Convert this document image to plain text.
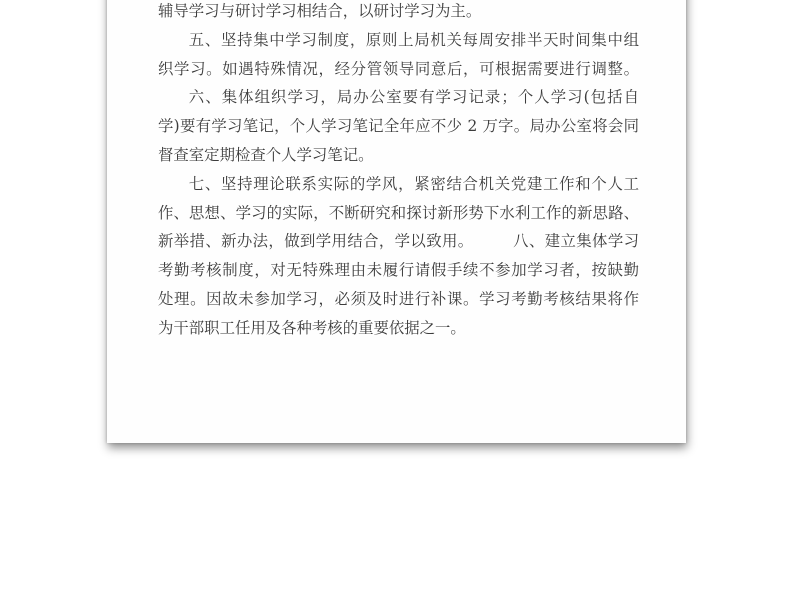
辅导学习与研讨学习相结合，以研讨学习为主。
五、坚持集中学习制度，原则上局机关每周安排半天时间集中组
织学习。如遇特殊情况，经分管领导同意后，可根据需要进行调整。
六、集体组织学习，局办公室要有学习记录；个人学习(包括自
学)要有学习笔记，个人学习笔记全年应不少 2 万字。局办公室将会同
督查室定期检查个人学习笔记。
七、坚持理论联系实际的学风，紧密结合机关党建工作和个人工
作、思想、学习的实际，不断研究和探讨新形势下水利工作的新思路、
新举措、新办法，做到学用结合，学以致用。　　　八、建立集体学习
考勤考核制度，对无特殊理由未履行请假手续不参加学习者，按缺勤
处理。因故未参加学习，必须及时进行补课。学习考勤考核结果将作
为干部职工任用及各种考核的重要依据之一。
